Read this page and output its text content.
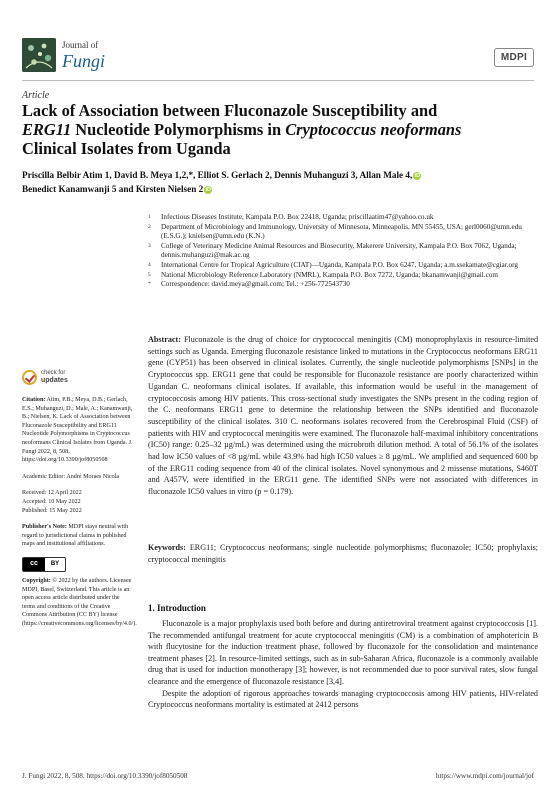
Journal of
Fungi	MDPI
Article
Lack of Association between Fluconazole Susceptibility and
ERG11 Nucleotide Polymorphisms in Cryptococcus neoformans
Clinical Isolates from Uganda
Priscilla Belbir Atim 1, David B. Meya 1,2,*, Elliot S. Gerlach 2, Dennis Muhanguzi 3, Allan Male 4, iD
Benedict Kanamwanji 5 and Kirsten Nielsen 2 iD
1	Infectious Diseases Institute, Kampala P.O. Box 22418, Uganda; priscillaatim47@yahoo.co.uk
2	Department of Microbiology and Immunology, University of Minnesota, Minneapolis, MN 55455, USA; gerl0060@umn.edu (E.S.G.); knielsen@umn.edu (K.N.)
3	College of Veterinary Medicine Animal Resources and Biosecurity, Makerere University, Kampala P.O. Box 7062, Uganda; dennis.muhanguzi@mak.ac.ug
4	International Centre for Tropical Agriculture (CIAT)—Uganda, Kampala P.O. Box 6247, Uganda; a.m.ssekamate@cgiar.org
5	National Microbiology Reference Laboratory (NMRL), Kampala P.O. Box 7272, Uganda; bkanamwanji@gmail.com
*	Correspondence: david.meya@gmail.com; Tel.: +256-772543730
Abstract: Fluconazole is the drug of choice for cryptococcal meningitis (CM) monoprophylaxis in resource-limited settings such as Uganda. Emerging fluconazole resistance linked to mutations in the Cryptococcus neoformans ERG11 gene (CYP51) has been observed in clinical isolates. Currently, the single nucleotide polymorphisms [SNPs] in the Cryptococcus spp. ERG11 gene that could be responsible for fluconazole resistance are poorly characterized within Ugandan C. neoformans clinical isolates. If available, this information would be useful in the management of cryptococcosis among HIV patients. This cross-sectional study investigates the SNPs present in the coding region of the C. neoformans ERG11 gene to determine the relationship between the SNPs identified and fluconazole susceptibility of the clinical isolates. 310 C. neoformans isolates recovered from the Cerebrospinal Fluid (CSF) of patients with HIV and cryptococcal meningitis were examined. The fluconazole half-maximal inhibitory concentrations (IC50) range: 0.25–32 µg/mL) was determined using the microbroth dilution method. A total of 56.1% of the isolates had low IC50 values of <8 µg/mL while 43.9% had high IC50 values ≥ 8 µg/mL. We amplified and sequenced 600 bp of the ERG11 coding sequence from 40 of the clinical isolates. Novel synonymous and 2 missense mutations, S460T and A457V, were identified in the ERG11 gene. The identified SNPs were not associated with differences in fluconazole IC50 values in vitro (p = 0.179).
Keywords: ERG11; Cryptococcus neoformans; single nucleotide polymorphisms; fluconazole; IC50; prophylaxis; cryptococcal meningitis
1. Introduction

Fluconazole is a major prophylaxis used both before and during antiretroviral treatment against cryptococcosis [1]. The recommended antifungal treatment for acute cryptococcal meningitis (CM) is a combination of amphotericin B with flucytosine for the induction treatment phase, followed by fluconazole for the consolidation and maintenance treatment phases [2]. In resource-limited settings, such as in sub-Saharan Africa, fluconazole is a commonly available drug that is used for induction monotherapy [3]; however, is not recommended due to poor survival rates, slow fungal clearance and the emergence of fluconazole resistance [3,4].

Despite the adoption of rigorous approaches towards managing cryptococcosis among HIV patients, HIV-related Cryptococcus neoformans mortality is estimated at 2412 persons

check for
updates
Citation: Atim, P.B.; Meya, D.B.; Gerlach, E.S.; Muhanguzi, D.; Male, A.; Kanamwanji, B.; Nielsen, K. Lack of Association between Fluconazole Susceptibility and ERG11 Nucleotide Polymorphisms in Cryptococcus neoformans Clinical Isolates from Uganda. J. Fungi 2022, 8, 508. https://doi.org/10.3390/jof8050508
Academic Editor: André Moraes Nicola
Received: 12 April 2022
Accepted: 10 May 2022
Published: 15 May 2022
Publisher's Note: MDPI stays neutral with regard to jurisdictional claims in published maps and institutional affiliations.
cc	BY
Copyright: © 2022 by the authors. Licensee MDPI, Basel, Switzerland. This article is an open access article distributed under the terms and conditions of the Creative Commons Attribution (CC BY) license (https://creativecommons.org/licenses/by/4.0/).
J. Fungi 2022, 8, 508. https://doi.org/10.3390/jof8050508	https://www.mdpi.com/journal/jof
